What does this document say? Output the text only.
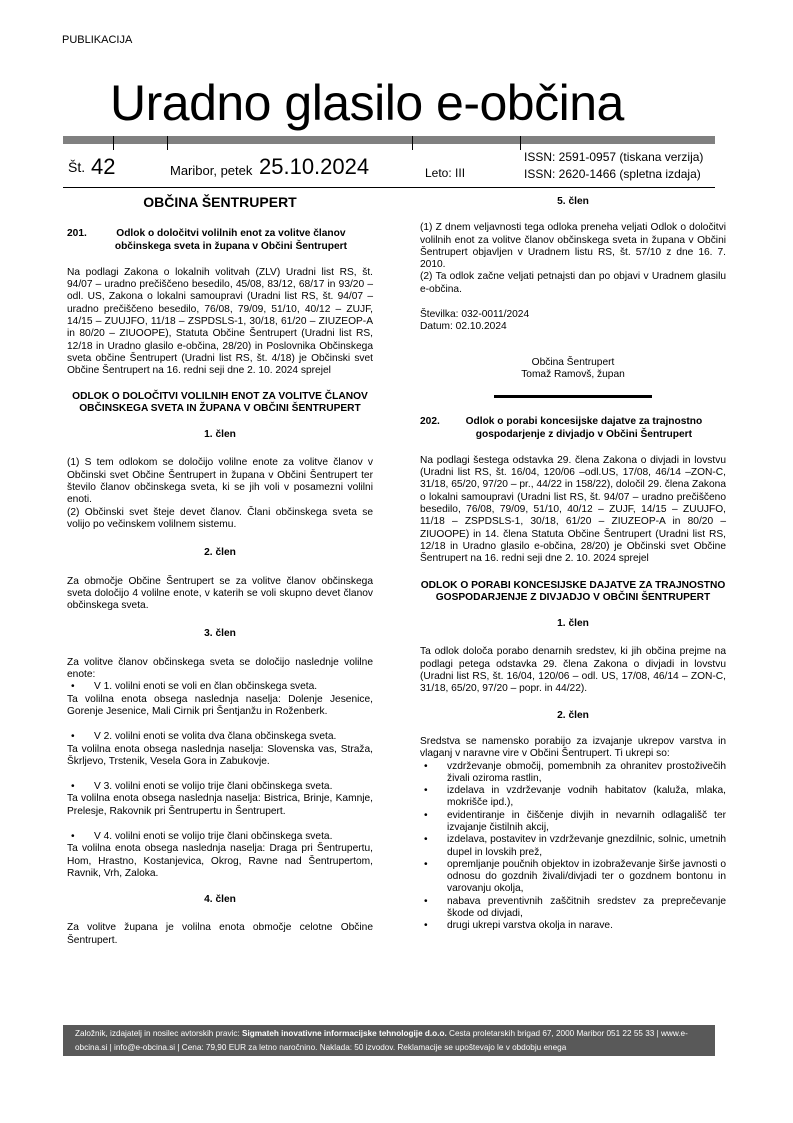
PUBLIKACIJA
Uradno glasilo e-občina
Št. 42	Maribor, petek 25.10.2024	Leto: III
ISSN: 2591-0957 (tiskana verzija)
ISSN: 2620-1466 (spletna izdaja)

OBČINA ŠENTRUPERT

201.	Odlok o določitvi volilnih enot za volitve članov občinskega sveta in župana v Občini Šentrupert

Na podlagi Zakona o lokalnih volitvah (ZLV) Uradni list RS, št. 94/07 – uradno prečiščeno besedilo, 45/08, 83/12, 68/17 in 93/20 – odl. US, Zakona o lokalni samoupravi (Uradni list RS, št. 94/07 – uradno prečiščeno besedilo, 76/08, 79/09, 51/10, 40/12 – ZUJF, 14/15 – ZUUJFO, 11/18 – ZSPDSLS-1, 30/18, 61/20 – ZIUZEOP-A in 80/20 – ZIUOOPE), Statuta Občine Šentrupert (Uradni list RS, 12/18 in Uradno glasilo e-občina, 28/20) in Poslovnika Občinskega sveta občine Šentrupert (Uradni list RS, št. 4/18) je Občinski svet Občine Šentrupert na 16. redni seji dne 2. 10. 2024 sprejel

ODLOK O DOLOČITVI VOLILNIH ENOT ZA VOLITVE ČLANOV OBČINSKEGA SVETA IN ŽUPANA V OBČINI ŠENTRUPERT

1. člen

(1) S tem odlokom se določijo volilne enote za volitve članov v Občinski svet Občine Šentrupert in župana v Občini Šentrupert ter število članov občinskega sveta, ki se jih voli v posamezni volilni enoti.

(2) Občinski svet šteje devet članov. Člani občinskega sveta se volijo po večinskem volilnem sistemu.

2. člen

Za območje Občine Šentrupert se za volitve članov občinskega sveta določijo 4 volilne enote, v katerih se voli skupno devet članov občinskega sveta.

3. člen

Za volitve članov občinskega sveta se določijo naslednje volilne enote:

• V 1. volilni enoti se voli en član občinskega sveta.

Ta volilna enota obsega naslednja naselja: Dolenje Jesenice, Gorenje Jesenice, Mali Cirnik pri Šentjanžu in Roženberk.

• V 2. volilni enoti se volita dva člana občinskega sveta.

Ta volilna enota obsega naslednja naselja: Slovenska vas, Straža, Škrljevo, Trstenik, Vesela Gora in Zabukovje.

• V 3. volilni enoti se volijo trije člani občinskega sveta.

Ta volilna enota obsega naslednja naselja: Bistrica, Brinje, Kamnje, Prelesje, Rakovnik pri Šentrupertu in Šentrupert.

• V 4. volilni enoti se volijo trije člani občinskega sveta.

Ta volilna enota obsega naslednja naselja: Draga pri Šentrupertu, Hom, Hrastno, Kostanjevica, Okrog, Ravne nad Šentrupertom, Ravnik, Vrh, Zaloka.

4. člen

Za volitve župana je volilna enota območje celotne Občine Šentrupert.

5. člen

(1) Z dnem veljavnosti tega odloka preneha veljati Odlok o določitvi volilnih enot za volitve članov občinskega sveta in župana v Občini Šentrupert objavljen v Uradnem listu RS, št. 57/10 z dne 16. 7. 2010.

(2) Ta odlok začne veljati petnajsti dan po objavi v Uradnem glasilu e-občina.

Številka: 032-0011/2024

Datum: 02.10.2024

Občina Šentrupert

Tomaž Ramovš, župan

202.	Odlok o porabi koncesijske dajatve za trajnostno gospodarjenje z divjadjo v Občini Šentrupert

Na podlagi šestega odstavka 29. člena Zakona o divjadi in lovstvu (Uradni list RS, št. 16/04, 120/06 –odl.US, 17/08, 46/14 –ZON-C, 31/18, 65/20, 97/20 – pr., 44/22 in 158/22), določil 29. člena Zakona o lokalni samoupravi (Uradni list RS, št. 94/07 – uradno prečiščeno besedilo, 76/08, 79/09, 51/10, 40/12 – ZUJF, 14/15 – ZUUJFO, 11/18 – ZSPDSLS-1, 30/18, 61/20 – ZIUZEOP-A in 80/20 – ZIUOOPE) in 14. člena Statuta Občine Šentrupert (Uradni list RS, 12/18 in Uradno glasilo e-občina, 28/20) je Občinski svet Občine Šentrupert na 16. redni seji dne 2. 10. 2024 sprejel

ODLOK O PORABI KONCESIJSKE DAJATVE ZA TRAJNOSTNO GOSPODARJENJE Z DIVJADJO V OBČINI ŠENTRUPERT

1. člen

Ta odlok določa porabo denarnih sredstev, ki jih občina prejme na podlagi petega odstavka 29. člena Zakona o divjadi in lovstvu (Uradni list RS, št. 16/04, 120/06 – odl. US, 17/08, 46/14 – ZON-C, 31/18, 65/20, 97/20 – popr. in 44/22).

2. člen

Sredstva se namensko porabijo za izvajanje ukrepov varstva in vlaganj v naravne vire v Občini Šentrupert. Ti ukrepi so:

• vzdrževanje območij, pomembnih za ohranitev prostoživečih živali oziroma rastlin,
• izdelava in vzdrževanje vodnih habitatov (kaluža, mlaka, mokrišče ipd.),
• evidentiranje in čiščenje divjih in nevarnih odlagališč ter izvajanje čistilnih akcij,
• izdelava, postavitev in vzdrževanje gnezdilnic, solnic, umetnih dupel in lovskih prež,
• opremljanje poučnih objektov in izobraževanje širše javnosti o odnosu do gozdnih živali/divjadi ter o gozdnem bontonu in varovanju okolja,
• nabava preventivnih zaščitnih sredstev za preprečevanje škode od divjadi,
• drugi ukrepi varstva okolja in narave.
Založnik, izdajatelj in nosilec avtorskih pravic: Sigmateh inovativne informacijske tehnologije d.o.o. Cesta proletarskih brigad 67, 2000 Maribor 051 22 55 33 | www.e-obcina.si | info@e-obcina.si | Cena: 79,90 EUR za letno naročnino. Naklada: 50 izvodov. Reklamacije se upoštevajo le v obdobju enega
